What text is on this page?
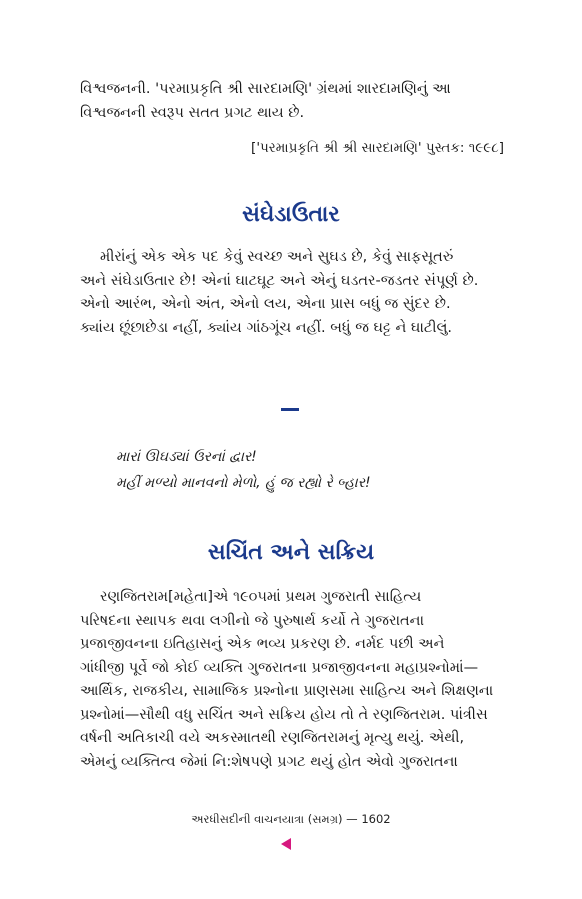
વિશ્વજનની. 'પરમાપ્રકૃતિ શ્રી સારદામણિ' ગ્રંથમાં શારદામણિનું આ
વિશ્વજનની સ્વરૂપ સતત પ્રગટ થાય છે.
['પરમાપ્રકૃતિ શ્રી શ્રી સારદામણિ' પુસ્તક: ૧૯૯૮]
સંઘેડાઉતાર
મીરાંનું એક એક પદ કેવું સ્વચ્છ અને સુઘડ છે, કેવું સાફસૂતરું
અને સંઘેડાઉતાર છે! એનાં ઘાટઘૂટ અને એનું ઘડતર-જડતર સંપૂર્ણ છે.
એનો આરંભ, એનો અંત, એનો લય, એના પ્રાસ બધું જ સુંદર છે.
ક્યાંય છૂંછાછેડા નહીં, ક્યાંય ગાંઠગૂંચ નહીં. બધું જ ઘટ્ટ ને ઘાટીલું.
મારાં ઊઘડ્યાં ઉરનાં દ્વાર!
મહીં મળ્યો માનવનો મેળો, હું જ રહ્યો રે બ્હાર!
સચિંત અને સક્રિય
રણજિતરામ[મહેતા]એ ૧૯૦૫માં પ્રથમ ગુજરાતી સાહિત્ય
પરિષદના સ્થાપક થવા લગીનો જે પુરુષાર્થ કર્યો તે ગુજરાતના
પ્રજાજીવનના ઇતિહાસનું એક ભવ્ય પ્રકરણ છે. નર્મદ પછી અને
ગાંધીજી પૂર્વે જો કોઈ વ્યક્તિ ગુજરાતના પ્રજાજીવનના મહાપ્રશ્નોમાં—
આર્થિક, રાજકીય, સામાજિક પ્રશ્નોના પ્રાણસમા સાહિત્ય અને શિક્ષણના
પ્રશ્નોમાં—સૌથી વધુ સચિંત અને સક્રિય હોય તો તે રણજિતરામ. પાંત્રીસ
વર્ષની અતિકાચી વયે અકસ્માતથી રણજિતરામનું મૃત્યુ થયું. એથી,
એમનું વ્યક્તિત્વ જેમાં નિ:શેષપણે પ્રગટ થયું હોત એવો ગુજરાતના
અરધીસદીની વાચનયાત્રા (સમગ્ર) — 1602
